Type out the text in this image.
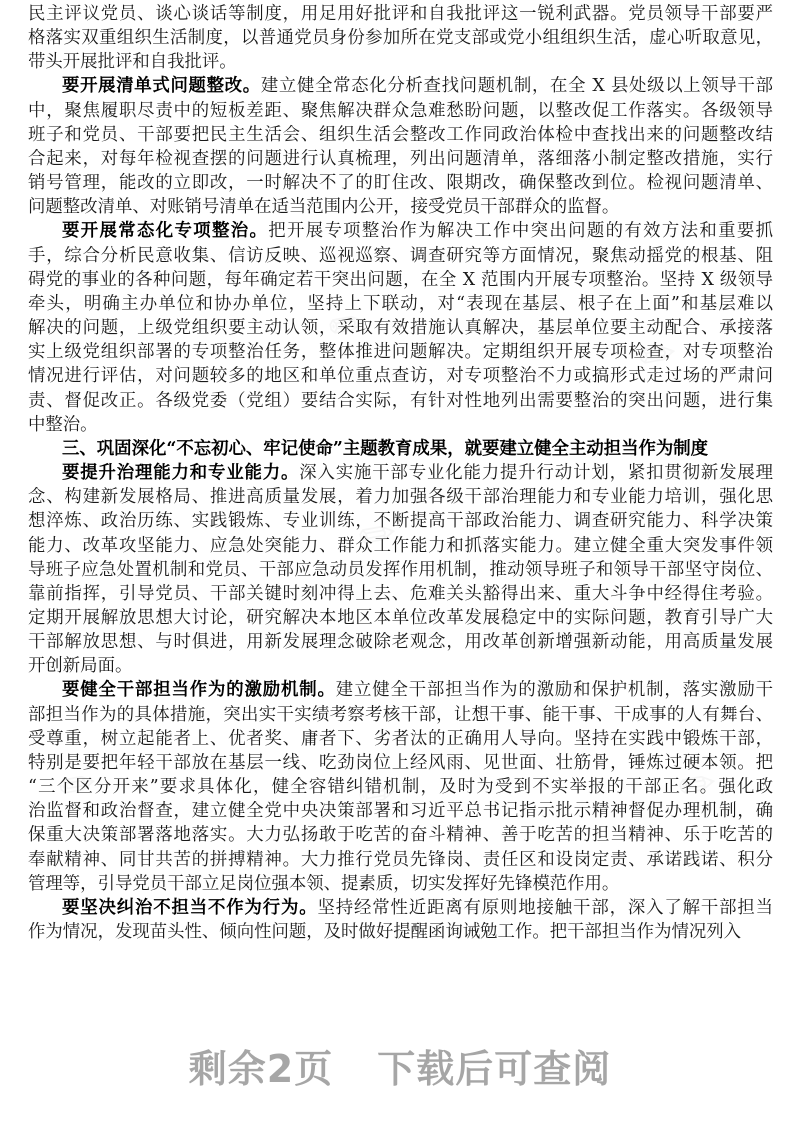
民主评议党员、谈心谈话等制度，用足用好批评和自我批评这一锐利武器。党员领导干部要严
格落实双重组织生活制度，以普通党员身份参加所在党支部或党小组组织生活，虚心听取意见，
带头开展批评和自我批评。
要开展清单式问题整改。建立健全常态化分析查找问题机制，在全 X 县处级以上领导干部
中，聚焦履职尽责中的短板差距、聚焦解决群众急难愁盼问题，以整改促工作落实。各级领导
班子和党员、干部要把民主生活会、组织生活会整改工作同政治体检中查找出来的问题整改结
合起来，对每年检视查摆的问题进行认真梳理，列出问题清单，落细落小制定整改措施，实行
销号管理，能改的立即改，一时解决不了的盯住改、限期改，确保整改到位。检视问题清单、
问题整改清单、对账销号清单在适当范围内公开，接受党员干部群众的监督。
要开展常态化专项整治。把开展专项整治作为解决工作中突出问题的有效方法和重要抓
手，综合分析民意收集、信访反映、巡视巡察、调查研究等方面情况，聚焦动摇党的根基、阻
碍党的事业的各种问题，每年确定若干突出问题，在全 X 范围内开展专项整治。坚持 X 级领导
牵头，明确主办单位和协办单位，坚持上下联动，对“表现在基层、根子在上面”和基层难以
解决的问题，上级党组织要主动认领，采取有效措施认真解决，基层单位要主动配合、承接落
实上级党组织部署的专项整治任务，整体推进问题解决。定期组织开展专项检查，对专项整治
情况进行评估，对问题较多的地区和单位重点查访，对专项整治不力或搞形式走过场的严肃问
责、督促改正。各级党委（党组）要结合实际，有针对性地列出需要整治的突出问题，进行集
中整治。
三、巩固深化“不忘初心、牢记使命”主题教育成果，就要建立健全主动担当作为制度
要提升治理能力和专业能力。深入实施干部专业化能力提升行动计划，紧扣贯彻新发展理
念、构建新发展格局、推进高质量发展，着力加强各级干部治理能力和专业能力培训，强化思
想淬炼、政治历练、实践锻炼、专业训练，不断提高干部政治能力、调查研究能力、科学决策
能力、改革攻坚能力、应急处突能力、群众工作能力和抓落实能力。建立健全重大突发事件领
导班子应急处置机制和党员、干部应急动员发挥作用机制，推动领导班子和领导干部坚守岗位、
靠前指挥，引导党员、干部关键时刻冲得上去、危难关头豁得出来、重大斗争中经得住考验。
定期开展解放思想大讨论，研究解决本地区本单位改革发展稳定中的实际问题，教育引导广大
干部解放思想、与时俱进，用新发展理念破除老观念，用改革创新增强新动能，用高质量发展
开创新局面。
要健全干部担当作为的激励机制。建立健全干部担当作为的激励和保护机制，落实激励干
部担当作为的具体措施，突出实干实绩考察考核干部，让想干事、能干事、干成事的人有舞台、
受尊重，树立起能者上、优者奖、庸者下、劣者汰的正确用人导向。坚持在实践中锻炼干部，
特别是要把年轻干部放在基层一线、吃劲岗位上经风雨、见世面、壮筋骨，锤炼过硬本领。把
“三个区分开来”要求具体化，健全容错纠错机制，及时为受到不实举报的干部正名。强化政
治监督和政治督查，建立健全党中央决策部署和习近平总书记指示批示精神督促办理机制，确
保重大决策部署落地落实。大力弘扬敢于吃苦的奋斗精神、善于吃苦的担当精神、乐于吃苦的
奉献精神、同甘共苦的拼搏精神。大力推行党员先锋岗、责任区和设岗定责、承诺践诺、积分
管理等，引导党员干部立足岗位强本领、提素质，切实发挥好先锋模范作用。
要坚决纠治不担当不作为行为。坚持经常性近距离有原则地接触干部，深入了解干部担当
作为情况，发现苗头性、倾向性问题，及时做好提醒函询诫勉工作。把干部担当作为情况列入
剩余2页 下载后可查阅
